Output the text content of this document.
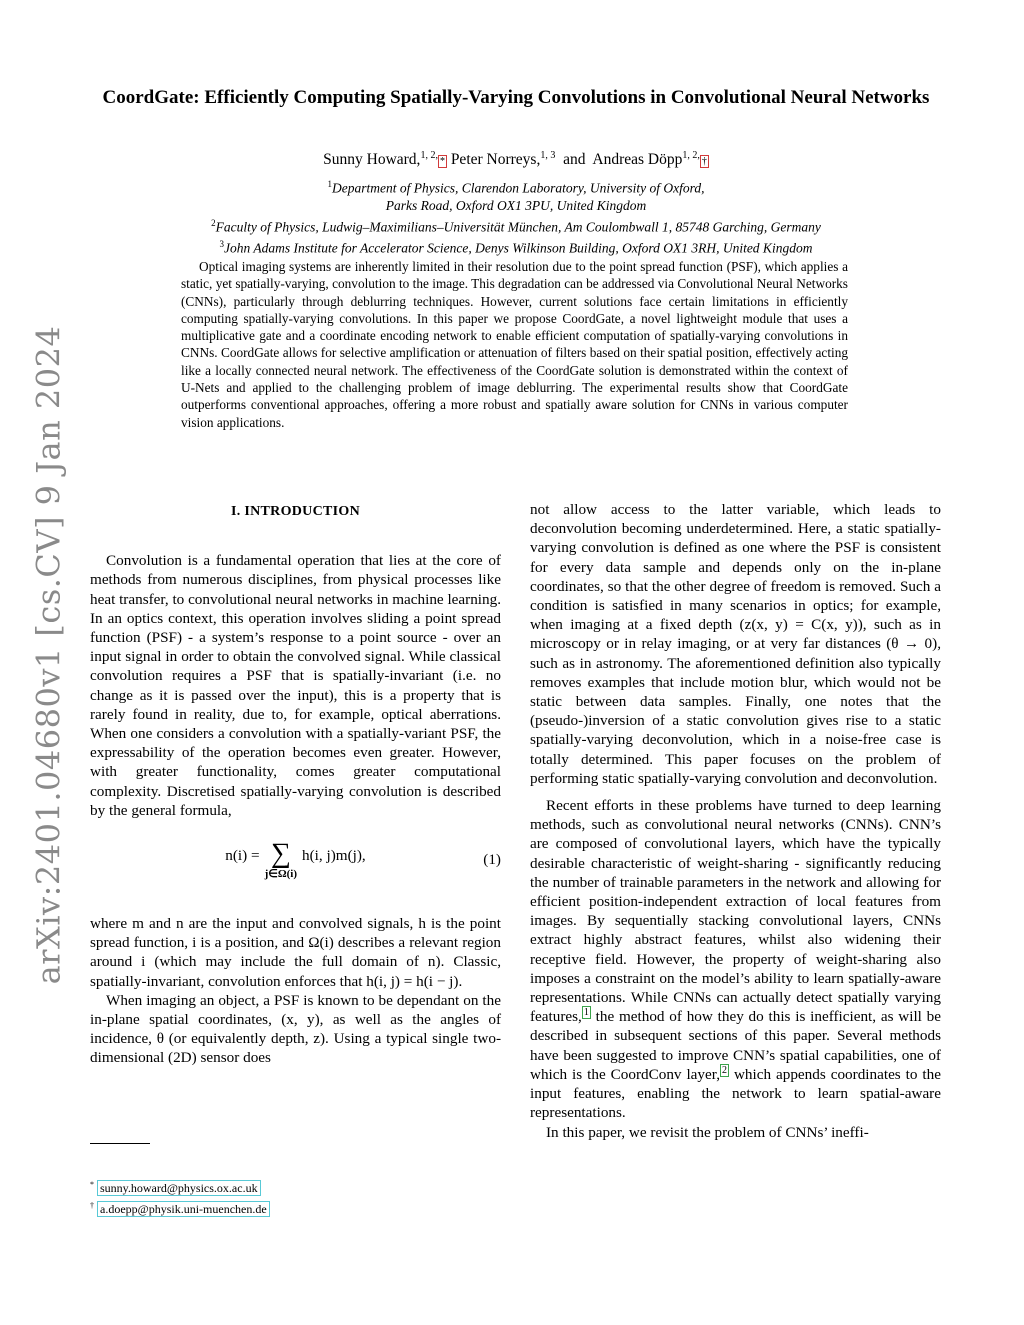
arXiv:2401.04680v1 [cs.CV] 9 Jan 2024
CoordGate: Efficiently Computing Spatially-Varying Convolutions in Convolutional Neural Networks
Sunny Howard,$^{1, 2,}$* Peter Norreys,$^{1, 3}$ and Andreas Döpp$^{1, 2,}$†
$^1$Department of Physics, Clarendon Laboratory, University of Oxford,
Parks Road, Oxford OX1 3PU, United Kingdom
$^2$Faculty of Physics, Ludwig–Maximilians–Universität München, Am Coulombwall 1, 85748 Garching, Germany
$^3$John Adams Institute for Accelerator Science, Denys Wilkinson Building, Oxford OX1 3RH, United Kingdom

Optical imaging systems are inherently limited in their resolution due to the point spread function (PSF), which applies a static, yet spatially-varying, convolution to the image. This degradation can be addressed via Convolutional Neural Networks (CNNs), particularly through deblurring techniques. However, current solutions face certain limitations in efficiently computing spatially-varying convolutions. In this paper we propose CoordGate, a novel lightweight module that uses a multiplicative gate and a coordinate encoding network to enable efficient computation of spatially-varying convolutions in CNNs. CoordGate allows for selective amplification or attenuation of filters based on their spatial position, effectively acting like a locally connected neural network. The effectiveness of the CoordGate solution is demonstrated within the context of U-Nets and applied to the challenging problem of image deblurring. The experimental results show that CoordGate outperforms conventional approaches, offering a more robust and spatially aware solution for CNNs in various computer vision applications.

I. INTRODUCTION

Convolution is a fundamental operation that lies at the core of methods from numerous disciplines, from physical processes like heat transfer, to convolutional neural networks in machine learning. In an optics context, this operation involves sliding a point spread function (PSF) - a system’s response to a point source - over an input signal in order to obtain the convolved signal. While classical convolution requires a PSF that is spatially-invariant (i.e. no change as it is passed over the input), this is a property that is rarely found in reality, due to, for example, optical aberrations. When one considers a convolution with a spatially-variant PSF, the expressability of the operation becomes even greater. However, with greater functionality, comes greater computational complexity. Discretised spatially-varying convolution is described by the general formula,

n(i) = ∑
j∈Ω(i)
h(i, j)m(j),	(1)

where m and n are the input and convolved signals, h is the point spread function, i is a position, and Ω(i) describes a relevant region around i (which may include the full domain of n). Classic, spatially-invariant, convolution enforces that h(i, j) = h(i − j).

When imaging an object, a PSF is known to be dependant on the in-plane spatial coordinates, (x, y), as well as the angles of incidence, θ (or equivalently depth, z). Using a typical single two-dimensional (2D) sensor does

* sunny.howard@physics.ox.ac.uk
† a.doepp@physik.uni-muenchen.de

not allow access to the latter variable, which leads to deconvolution becoming underdetermined. Here, a static spatially-varying convolution is defined as one where the PSF is consistent for every data sample and depends only on the in-plane coordinates, so that the other degree of freedom is removed. Such a condition is satisfied in many scenarios in optics; for example, when imaging at a fixed depth (z(x, y) = C(x, y)), such as in microscopy or in relay imaging, or at very far distances (θ → 0), such as in astronomy. The aforementioned definition also typically removes examples that include motion blur, which would not be static between data samples. Finally, one notes that the (pseudo-)inversion of a static convolution gives rise to a static spatially-varying deconvolution, which in a noise-free case is totally determined. This paper focuses on the problem of performing static spatially-varying convolution and deconvolution.

Recent efforts in these problems have turned to deep learning methods, such as convolutional neural networks (CNNs). CNN’s are composed of convolutional layers, which have the typically desirable characteristic of weight-sharing - significantly reducing the number of trainable parameters in the network and allowing for efficient position-independent extraction of local features from images. By sequentially stacking convolutional layers, CNNs extract highly abstract features, whilst also widening their receptive field. However, the property of weight-sharing also imposes a constraint on the model’s ability to learn spatially-aware representations. While CNNs can actually detect spatially varying features, $^1$ the method of how they do this is inefficient, as will be described in subsequent sections of this paper. Several methods have been suggested to improve CNN’s spatial capabilities, one of which is the CoordConv layer, $^2$ which appends coordinates to the input features, enabling the network to learn spatial-aware representations.

In this paper, we revisit the problem of CNNs’ ineffi-
